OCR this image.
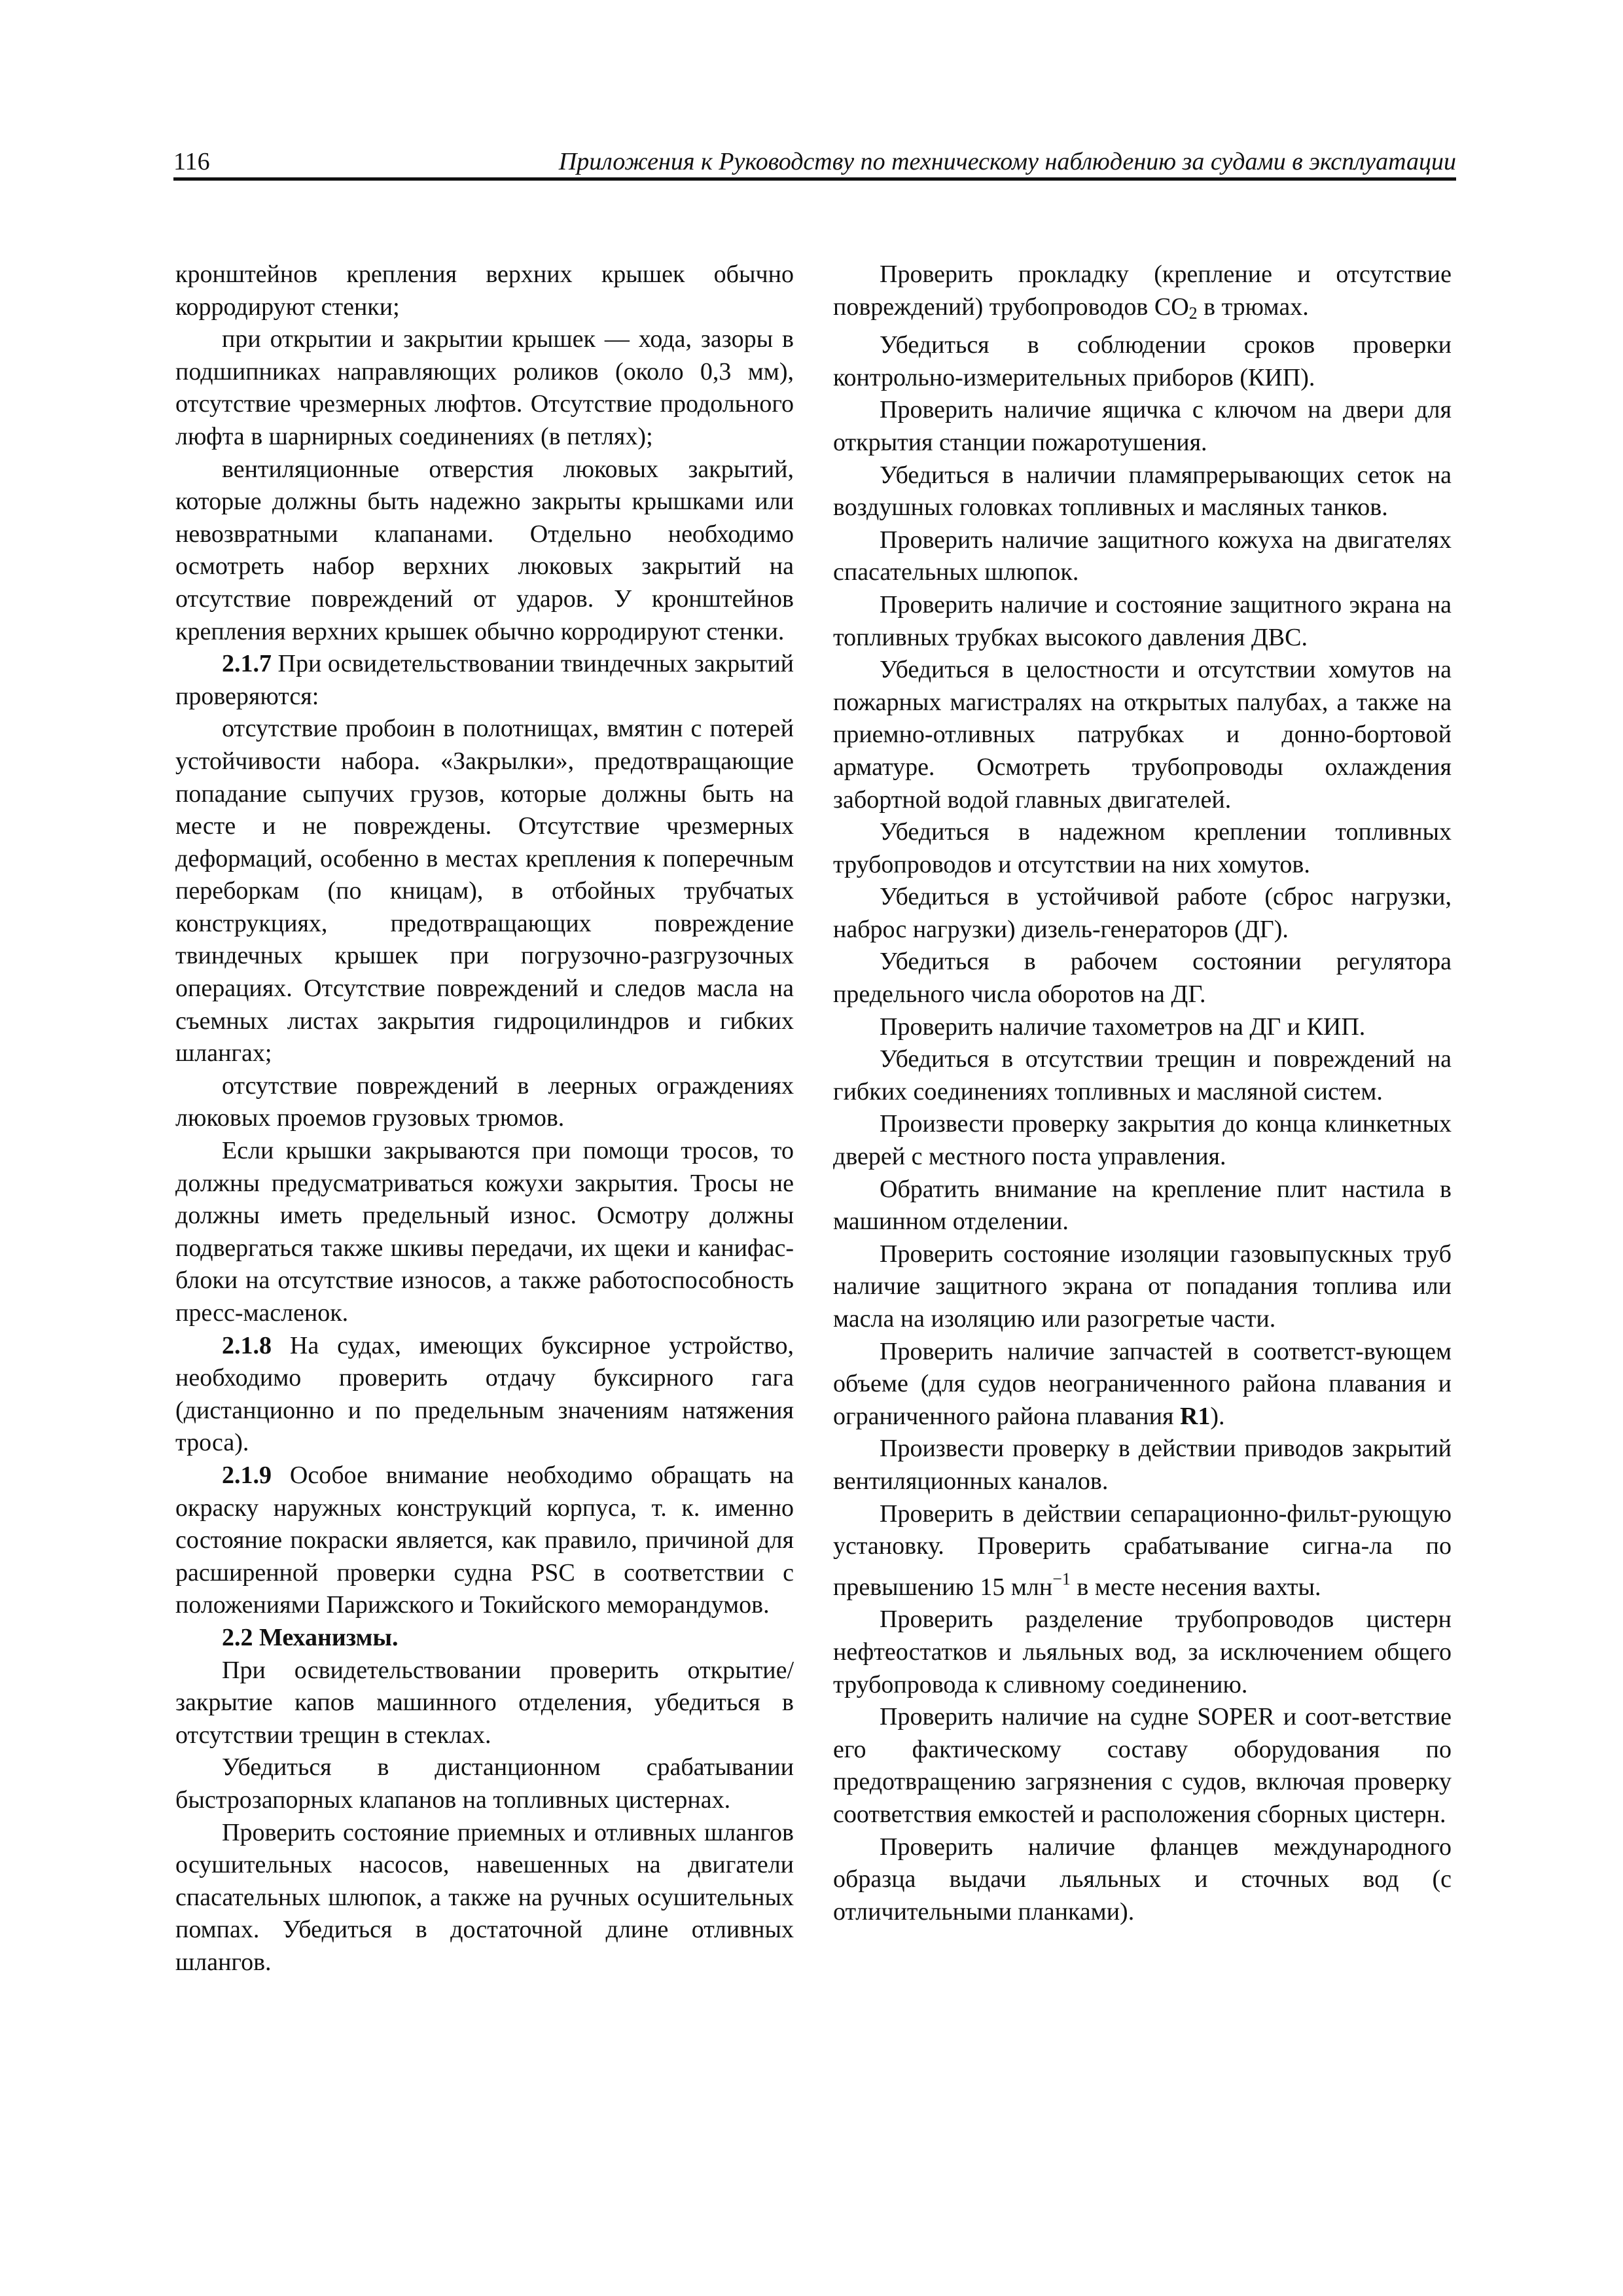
116	Приложения к Руководству по техническому наблюдению за судами в эксплуатации

кронштейнов крепления верхних крышек обычно корродируют стенки;

при открытии и закрытии крышек — хода, зазоры в подшипниках направляющих роликов (около 0,3 мм), отсутствие чрезмерных люфтов. Отсутствие продольного люфта в шарнирных соединениях (в петлях);

вентиляционные отверстия люковых закрытий, которые должны быть надежно закрыты крышками или невозвратными клапанами. Отдельно необходимо осмотреть набор верхних люковых закрытий на отсутствие повреждений от ударов. У кронштейнов крепления верхних крышек обычно корродируют стенки.

2.1.7 При освидетельствовании твиндечных закрытий проверяются:

отсутствие пробоин в полотнищах, вмятин с потерей устойчивости набора. «Закрылки», предотвращающие попадание сыпучих грузов, которые должны быть на месте и не повреждены. Отсутствие чрезмерных деформаций, особенно в местах крепления к поперечным переборкам (по кницам), в отбойных трубчатых конструкциях, предотвращающих повреждение твиндечных крышек при погрузочно-разгрузочных операциях. Отсутствие повреждений и следов масла на съемных листах закрытия гидроцилиндров и гибких шлангах;

отсутствие повреждений в леерных ограждениях люковых проемов грузовых трюмов.

Если крышки закрываются при помощи тросов, то должны предусматриваться кожухи закрытия. Тросы не должны иметь предельный износ. Осмотру должны подвергаться также шкивы передачи, их щеки и канифас-блоки на отсутствие износов, а также работоспособность пресс-масленок.

2.1.8 На судах, имеющих буксирное устройство, необходимо проверить отдачу буксирного гага (дистанционно и по предельным значениям натяжения троса).

2.1.9 Особое внимание необходимо обращать на окраску наружных конструкций корпуса, т. к. именно состояние покраски является, как правило, причиной для расширенной проверки судна PSC в соответствии с положениями Парижского и Токийского меморандумов.

2.2 Механизмы.

При освидетельствовании проверить открытие/закрытие капов машинного отделения, убедиться в отсутствии трещин в стеклах.

Убедиться в дистанционном срабатывании быстрозапорных клапанов на топливных цистернах.

Проверить состояние приемных и отливных шлангов осушительных насосов, навешенных на двигатели спасательных шлюпок, а также на ручных осушительных помпах. Убедиться в достаточной длине отливных шлангов.

Проверить прокладку (крепление и отсутствие повреждений) трубопроводов $CO_2$ в трюмах.

Убедиться в соблюдении сроков проверки контрольно-измерительных приборов (КИП).

Проверить наличие ящичка с ключом на двери для открытия станции пожаротушения.

Убедиться в наличии пламяпрерывающих сеток на воздушных головках топливных и масляных танков.

Проверить наличие защитного кожуха на двигателях спасательных шлюпок.

Проверить наличие и состояние защитного экрана на топливных трубках высокого давления ДВС.

Убедиться в целостности и отсутствии хомутов на пожарных магистралях на открытых палубах, а также на приемно-отливных патрубках и донно-бортовой арматуре. Осмотреть трубопроводы охлаждения забортной водой главных двигателей.

Убедиться в надежном креплении топливных трубопроводов и отсутствии на них хомутов.

Убедиться в устойчивой работе (сброс нагрузки, наброс нагрузки) дизель-генераторов (ДГ).

Убедиться в рабочем состоянии регулятора предельного числа оборотов на ДГ.

Проверить наличие тахометров на ДГ и КИП.

Убедиться в отсутствии трещин и повреждений на гибких соединениях топливных и масляной систем.

Произвести проверку закрытия до конца клинкетных дверей с местного поста управления.

Обратить внимание на крепление плит настила в машинном отделении.

Проверить состояние изоляции газовыпускных труб наличие защитного экрана от попадания топлива или масла на изоляцию или разогретые части.

Проверить наличие запчастей в соответст-вующем объеме (для судов неограниченного района плавания и ограниченного района плавания R1).

Произвести проверку в действии приводов закрытий вентиляционных каналов.

Проверить в действии сепарационно-фильт-рующую установку. Проверить срабатывание сигна-ла по превышению 15 млн$^{-1}$ в месте несения вахты.

Проверить разделение трубопроводов цистерн нефтеостатков и льяльных вод, за исключением общего трубопровода к сливному соединению.

Проверить наличие на судне SOPER и соот-ветствие его фактическому составу оборудования по предотвращению загрязнения с судов, включая проверку соответствия емкостей и расположения сборных цистерн.

Проверить наличие фланцев международного образца выдачи льяльных и сточных вод (с отличительными планками).
